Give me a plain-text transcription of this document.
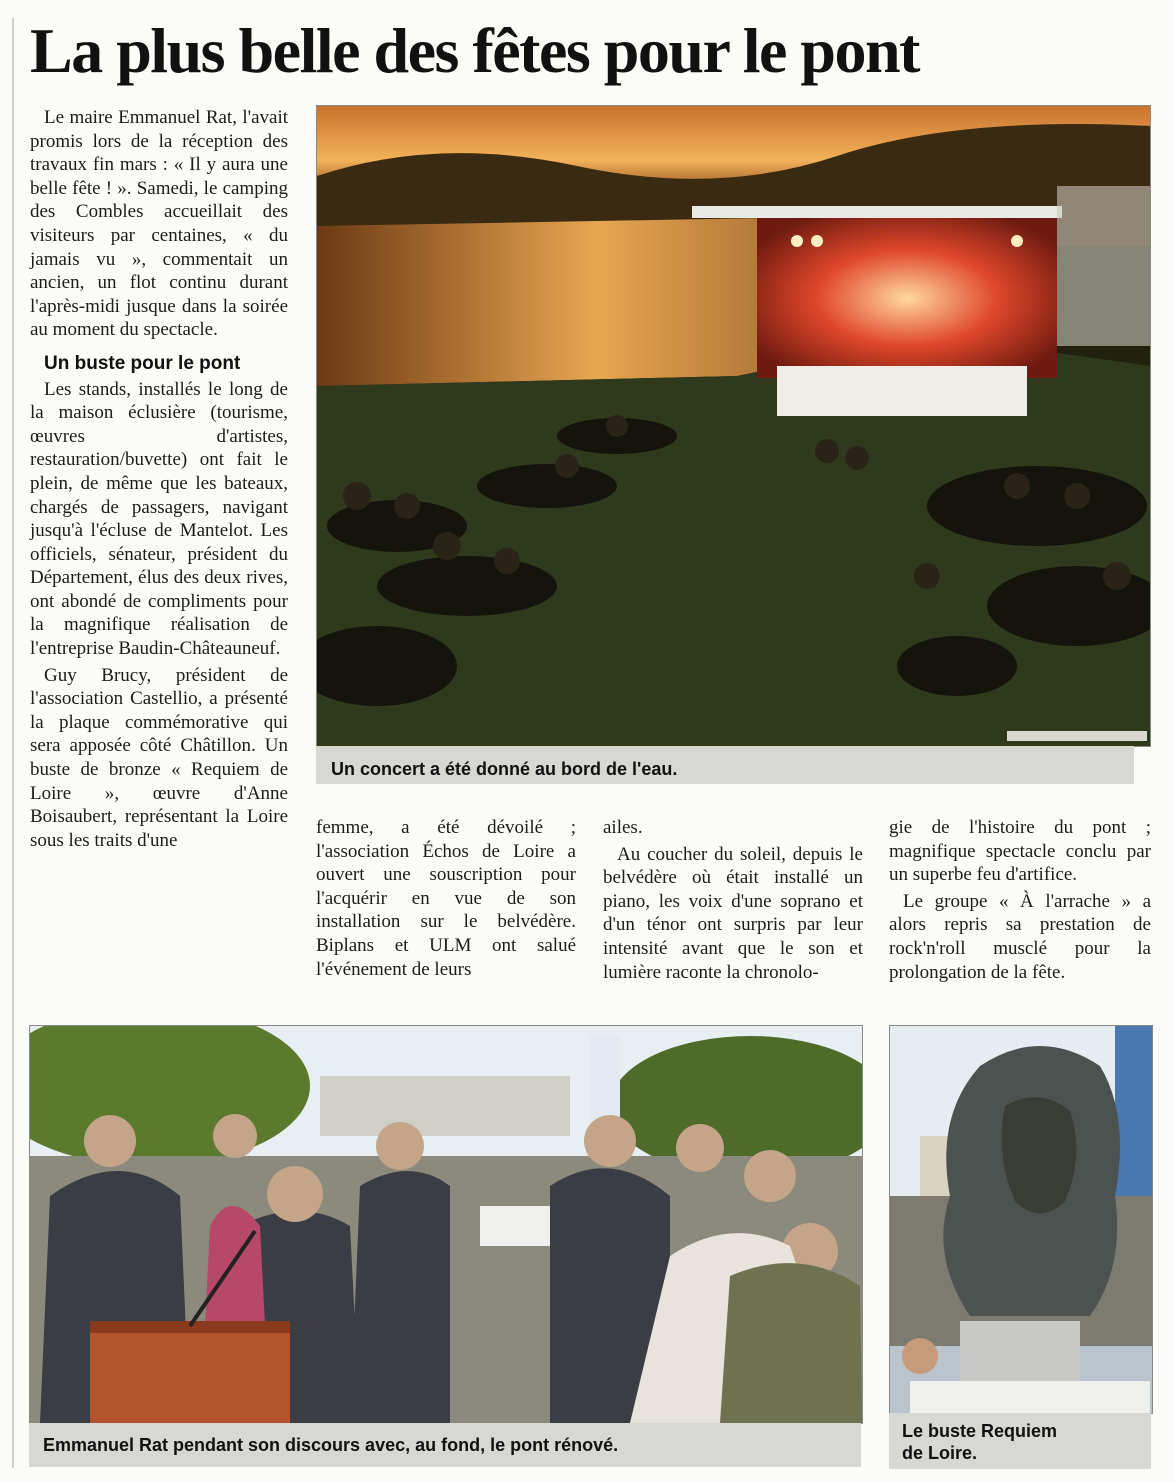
La plus belle des fêtes pour le pont

Le maire Emmanuel Rat, l'avait promis lors de la réception des travaux fin mars : « Il y aura une belle fête ! ». Samedi, le camping des Combles accueillait des visiteurs par centaines, « du jamais vu », commentait un ancien, un flot continu durant l'après-midi jusque dans la soirée au moment du spectacle.

Un buste pour le pont

Les stands, installés le long de la maison éclusière (tourisme, œuvres d'artistes, restauration/buvette) ont fait le plein, de même que les bateaux, chargés de passagers, navigant jusqu'à l'écluse de Mantelot. Les officiels, sénateur, président du Département, élus des deux rives, ont abondé de compliments pour la magnifique réalisation de l'entreprise Baudin-Châteauneuf.

Guy Brucy, président de l'association Castellio, a présenté la plaque commémorative qui sera apposée côté Châtillon. Un buste de bronze « Requiem de Loire », œuvre d'Anne Boisaubert, représentant la Loire sous les traits d'une

Un concert a été donné au bord de l'eau.

femme, a été dévoilé ; l'association Échos de Loire a ouvert une souscription pour l'acquérir en vue de son installation sur le belvédère. Biplans et ULM ont salué l'événement de leurs

ailes.

Au coucher du soleil, depuis le belvédère où était installé un piano, les voix d'une soprano et d'un ténor ont surpris par leur intensité avant que le son et lumière raconte la chronolo-

gie de l'histoire du pont ; magnifique spectacle conclu par un superbe feu d'artifice.

Le groupe « À l'arrache » a alors repris sa prestation de rock'n'roll musclé pour la prolongation de la fête.

Emmanuel Rat pendant son discours avec, au fond, le pont rénové.
Le buste Requiem
de Loire.
